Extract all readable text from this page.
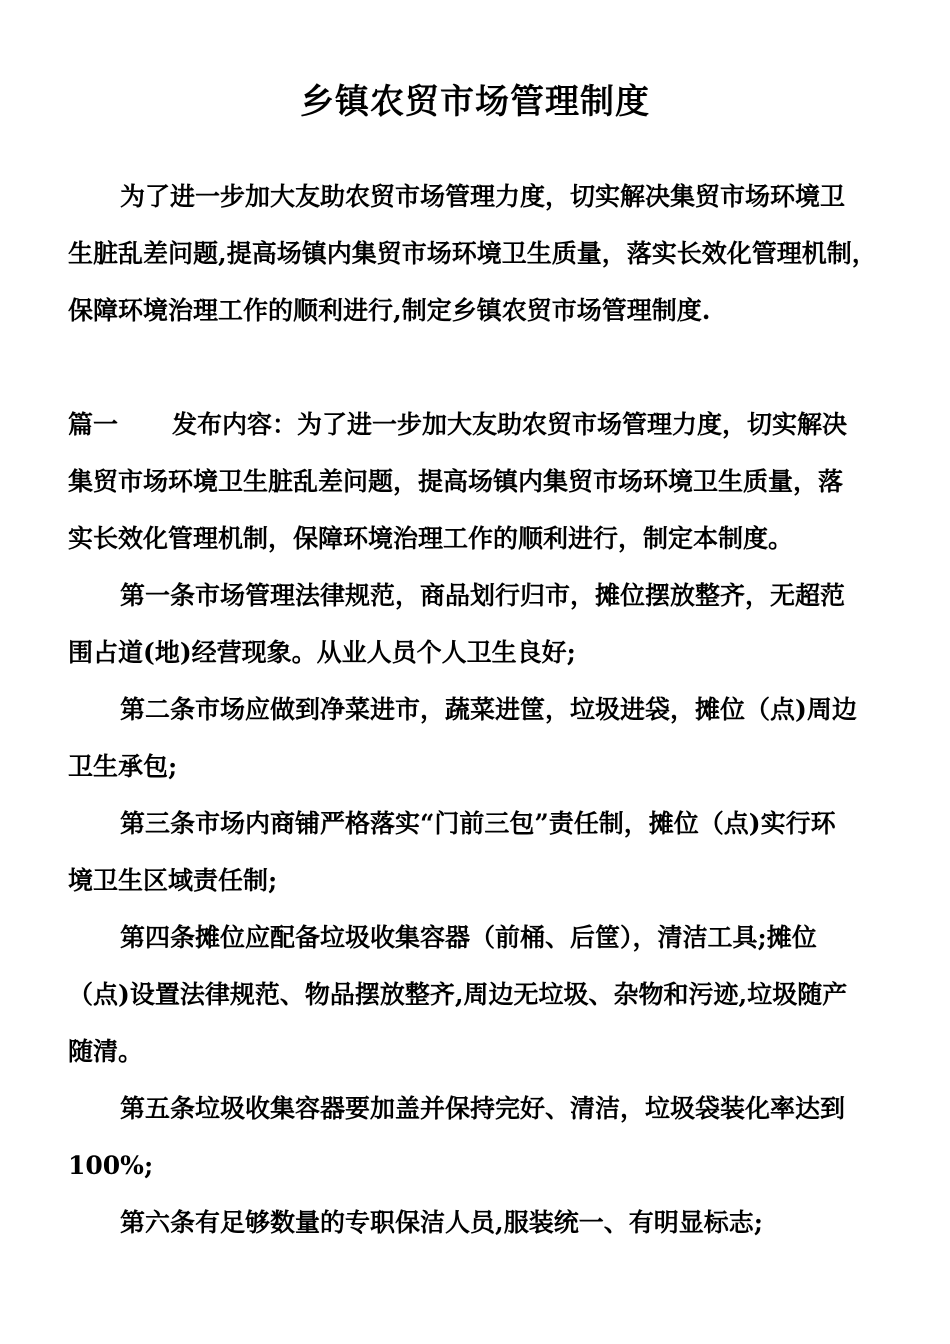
乡镇农贸市场管理制度
为了进一步加大友助农贸市场管理力度，切实解决集贸市场环境卫
生脏乱差问题,提高场镇内集贸市场环境卫生质量，落实长效化管理机制，
保障环境治理工作的顺利进行,制定乡镇农贸市场管理制度.
篇一 发布内容：为了进一步加大友助农贸市场管理力度，切实解决
集贸市场环境卫生脏乱差问题，提高场镇内集贸市场环境卫生质量，落
实长效化管理机制，保障环境治理工作的顺利进行，制定本制度。
第一条市场管理法律规范，商品划行归市，摊位摆放整齐，无超范
围占道(地)经营现象。从业人员个人卫生良好;
第二条市场应做到净菜进市，蔬菜进筐，垃圾进袋，摊位（点)周边
卫生承包;
第三条市场内商铺严格落实“门前三包”责任制，摊位（点)实行环
境卫生区域责任制;
第四条摊位应配备垃圾收集容器（前桶、后筐），清洁工具;摊位
（点)设置法律规范、物品摆放整齐,周边无垃圾、杂物和污迹,垃圾随产
随清。
第五条垃圾收集容器要加盖并保持完好、清洁，垃圾袋装化率达到
100%;
第六条有足够数量的专职保洁人员,服装统一、有明显标志;
